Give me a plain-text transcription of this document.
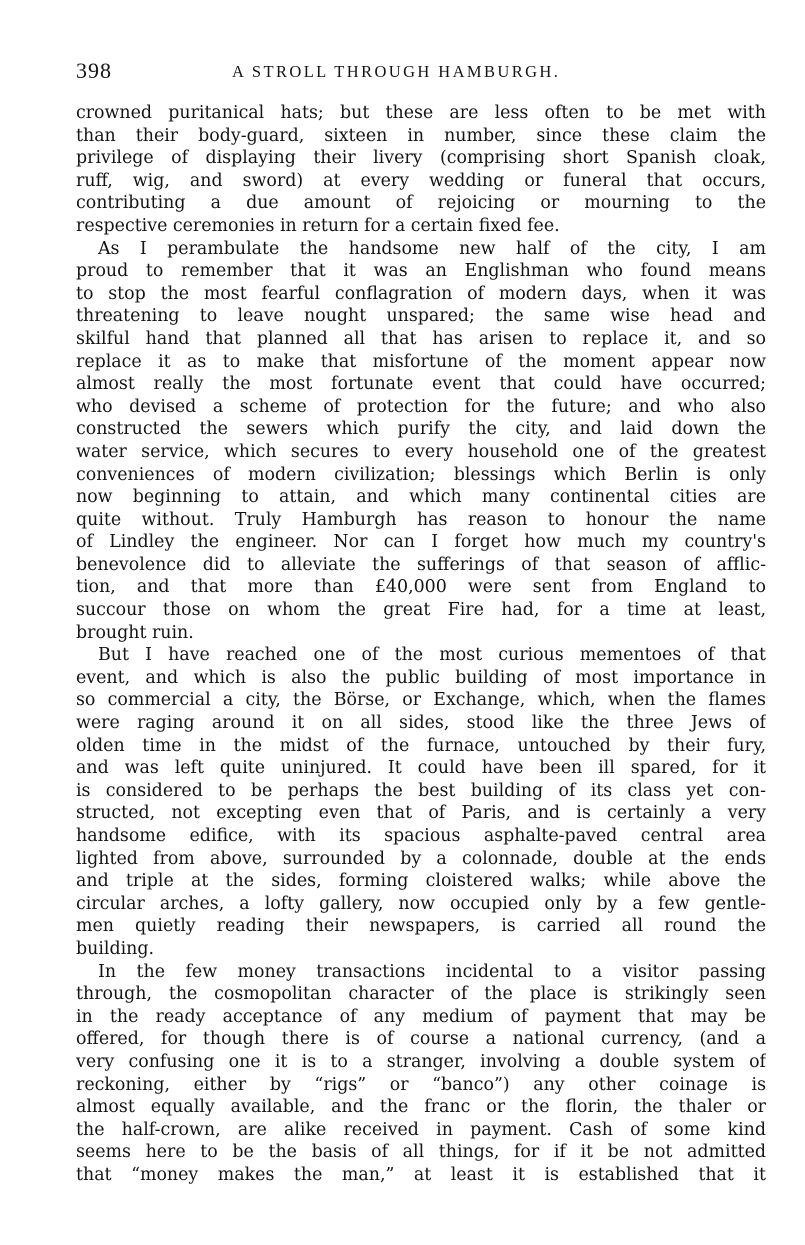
398	A STROLL THROUGH HAMBURGH.
crowned puritanical hats; but these are less often to be met with
than their body-guard, sixteen in number, since these claim the
privilege of displaying their livery (comprising short Spanish cloak,
ruff, wig, and sword) at every wedding or funeral that occurs,
contributing a due amount of rejoicing or mourning to the
respective ceremonies in return for a certain fixed fee.
As I perambulate the handsome new half of the city, I am
proud to remember that it was an Englishman who found means
to stop the most fearful conflagration of modern days, when it was
threatening to leave nought unspared; the same wise head and
skilful hand that planned all that has arisen to replace it, and so
replace it as to make that misfortune of the moment appear now
almost really the most fortunate event that could have occurred;
who devised a scheme of protection for the future; and who also
constructed the sewers which purify the city, and laid down the
water service, which secures to every household one of the greatest
conveniences of modern civilization; blessings which Berlin is only
now beginning to attain, and which many continental cities are
quite without. Truly Hamburgh has reason to honour the name
of Lindley the engineer. Nor can I forget how much my country's
benevolence did to alleviate the sufferings of that season of afflic-
tion, and that more than £40,000 were sent from England to
succour those on whom the great Fire had, for a time at least,
brought ruin.
But I have reached one of the most curious mementoes of that
event, and which is also the public building of most importance in
so commercial a city, the Börse, or Exchange, which, when the flames
were raging around it on all sides, stood like the three Jews of
olden time in the midst of the furnace, untouched by their fury,
and was left quite uninjured. It could have been ill spared, for it
is considered to be perhaps the best building of its class yet con-
structed, not excepting even that of Paris, and is certainly a very
handsome edifice, with its spacious asphalte-paved central area
lighted from above, surrounded by a colonnade, double at the ends
and triple at the sides, forming cloistered walks; while above the
circular arches, a lofty gallery, now occupied only by a few gentle-
men quietly reading their newspapers, is carried all round the
building.
In the few money transactions incidental to a visitor passing
through, the cosmopolitan character of the place is strikingly seen
in the ready acceptance of any medium of payment that may be
offered, for though there is of course a national currency, (and a
very confusing one it is to a stranger, involving a double system of
reckoning, either by “rigs” or “banco”) any other coinage is
almost equally available, and the franc or the florin, the thaler or
the half-crown, are alike received in payment. Cash of some kind
seems here to be the basis of all things, for if it be not admitted
that “money makes the man,” at least it is established that it
